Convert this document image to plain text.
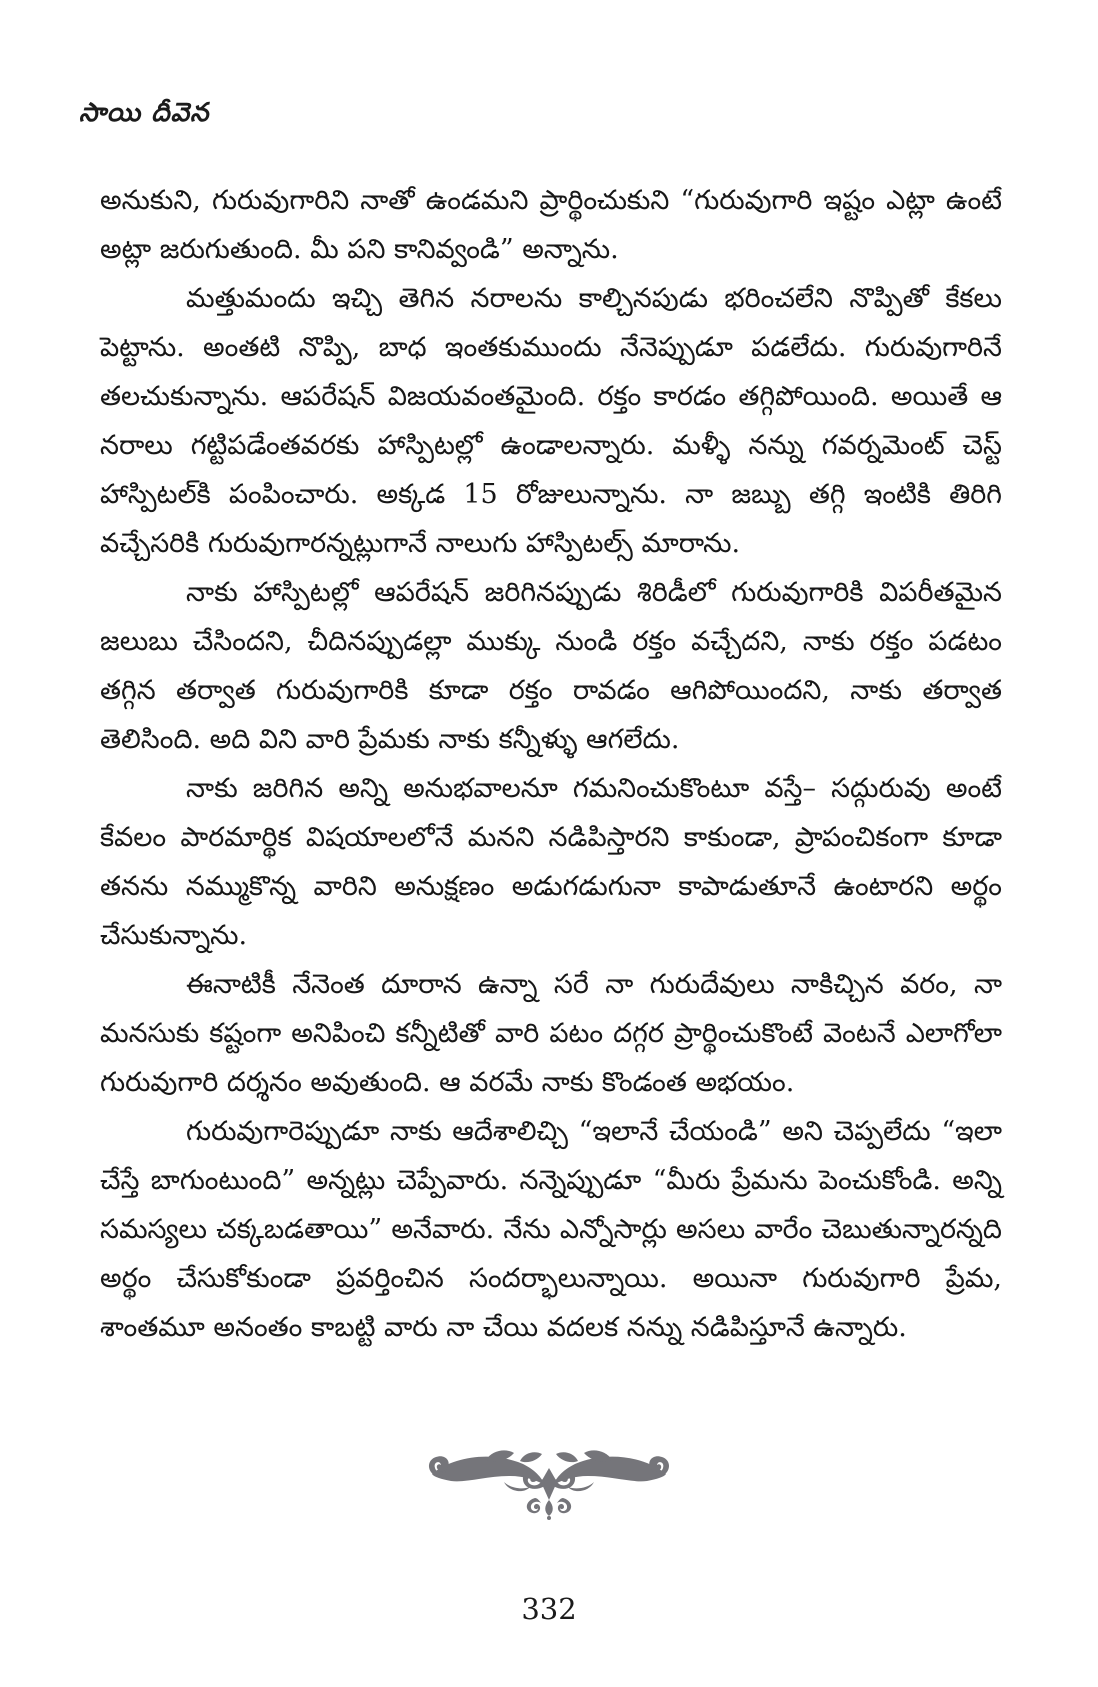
సాయి దీవెన

అనుకుని, గురువుగారిని నాతో ఉండమని ప్రార్థించుకుని “గురువుగారి ఇష్టం ఎట్లా ఉంటే అట్లా జరుగుతుంది. మీ పని కానివ్వండి” అన్నాను.

మత్తుమందు ఇచ్చి తెగిన నరాలను కాల్చినపుడు భరించలేని నొప్పితో కేకలు పెట్టాను. అంతటి నొప్పి, బాధ ఇంతకుముందు నేనెప్పుడూ పడలేదు. గురువుగారినే తలచుకున్నాను. ఆపరేషన్ విజయవంతమైంది. రక్తం కారడం తగ్గిపోయింది. అయితే ఆ నరాలు గట్టిపడేంతవరకు హాస్పిటల్లో ఉండాలన్నారు. మళ్ళీ నన్ను గవర్నమెంట్ చెస్ట్ హాస్పిటల్‌కి పంపించారు. అక్కడ 15 రోజులున్నాను. నా జబ్బు తగ్గి ఇంటికి తిరిగి వచ్చేసరికి గురువుగారన్నట్లుగానే నాలుగు హాస్పిటల్స్ మారాను.

నాకు హాస్పిటల్లో ఆపరేషన్ జరిగినప్పుడు శిరిడీలో గురువుగారికి విపరీతమైన జలుబు చేసిందని, చీదినప్పుడల్లా ముక్కు నుండి రక్తం వచ్చేదని, నాకు రక్తం పడటం తగ్గిన తర్వాత గురువుగారికి కూడా రక్తం రావడం ఆగిపోయిందని, నాకు తర్వాత తెలిసింది. అది విని వారి ప్రేమకు నాకు కన్నీళ్ళు ఆగలేదు.

నాకు జరిగిన అన్ని అనుభవాలనూ గమనించుకొంటూ వస్తే– సద్గురువు అంటే కేవలం పారమార్థిక విషయాలలోనే మనని నడిపిస్తారని కాకుండా, ప్రాపంచికంగా కూడా తనను నమ్ముకొన్న వారిని అనుక్షణం అడుగడుగునా కాపాడుతూనే ఉంటారని అర్థం చేసుకున్నాను.

ఈనాటికీ నేనెంత దూరాన ఉన్నా సరే నా గురుదేవులు నాకిచ్చిన వరం, నా మనసుకు కష్టంగా అనిపించి కన్నీటితో వారి పటం దగ్గర ప్రార్థించుకొంటే వెంటనే ఎలాగోలా గురువుగారి దర్శనం అవుతుంది. ఆ వరమే నాకు కొండంత అభయం.

గురువుగారెప్పుడూ నాకు ఆదేశాలిచ్చి “ఇలానే చేయండి” అని చెప్పలేదు “ఇలా చేస్తే బాగుంటుంది” అన్నట్లు చెప్పేవారు. నన్నెప్పుడూ “మీరు ప్రేమను పెంచుకోండి. అన్ని సమస్యలు చక్కబడతాయి” అనేవారు. నేను ఎన్నోసార్లు అసలు వారేం చెబుతున్నారన్నది అర్థం చేసుకోకుండా ప్రవర్తించిన సందర్భాలున్నాయి. అయినా గురువుగారి ప్రేమ, శాంతమూ అనంతం కాబట్టి వారు నా చేయి వదలక నన్ను నడిపిస్తూనే ఉన్నారు.

332
